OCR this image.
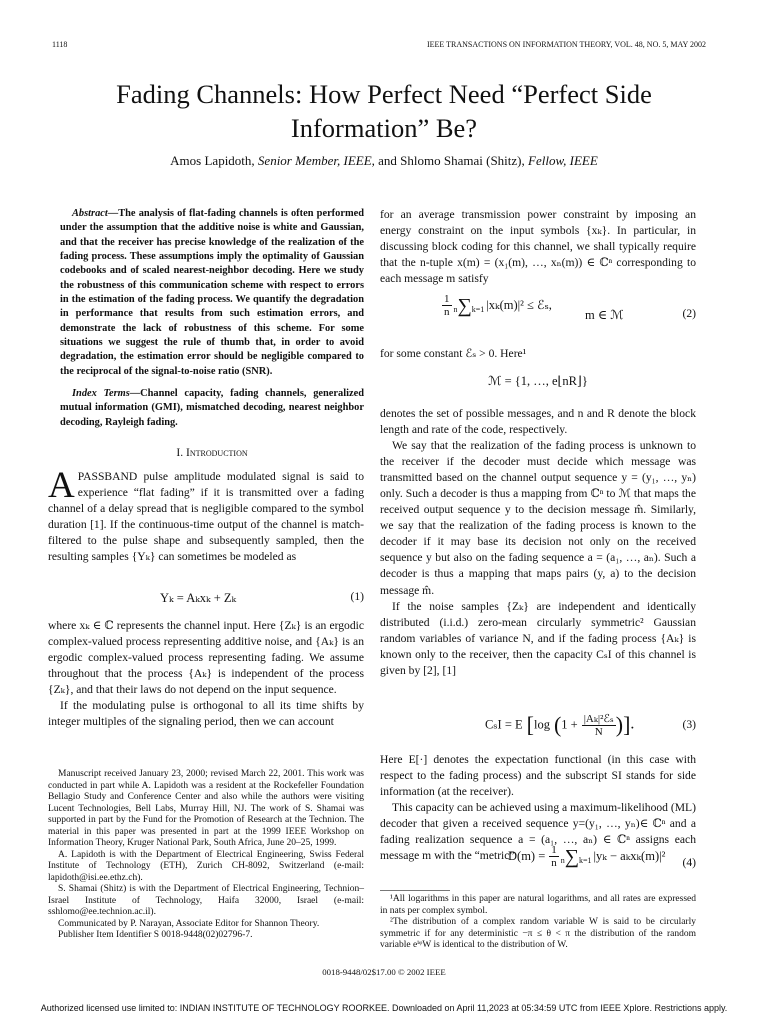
1118	IEEE TRANSACTIONS ON INFORMATION THEORY, VOL. 48, NO. 5, MAY 2002
Fading Channels: How Perfect Need “Perfect Side
Information” Be?
Amos Lapidoth, Senior Member, IEEE, and Shlomo Shamai (Shitz), Fellow, IEEE

Abstract—The analysis of flat-fading channels is often performed under the assumption that the additive noise is white and Gaussian, and that the receiver has precise knowledge of the realization of the fading process. These assumptions imply the optimality of Gaussian codebooks and of scaled nearest-neighbor decoding. Here we study the robustness of this communication scheme with respect to errors in the estimation of the fading process. We quantify the degradation in performance that results from such estimation errors, and demonstrate the lack of robustness of this scheme. For some situations we suggest the rule of thumb that, in order to avoid degradation, the estimation error should be negligible compared to the reciprocal of the signal-to-noise ratio (SNR).

Index Terms—Channel capacity, fading channels, generalized mutual information (GMI), mismatched decoding, nearest neighbor decoding, Rayleigh fading.

I. Introduction

APASSBAND pulse amplitude modulated signal is said to experience “flat fading” if it is transmitted over a fading channel of a delay spread that is negligible compared to the symbol duration [1]. If the continuous-time output of the channel is match-filtered to the pulse shape and subsequently sampled, then the resulting samples {Yₖ} can sometimes be modeled as

Yₖ = Aₖxₖ + Zₖ	(1)

where xₖ ∈ ℂ represents the channel input. Here {Zₖ} is an ergodic complex-valued process representing additive noise, and {Aₖ} is an ergodic complex-valued process representing fading. We assume throughout that the process {Aₖ} is independent of the process {Zₖ}, and that their laws do not depend on the input sequence.

If the modulating pulse is orthogonal to all its time shifts by integer multiples of the signaling period, then we can account

Manuscript received January 23, 2000; revised March 22, 2001. This work was conducted in part while A. Lapidoth was a resident at the Rockefeller Foundation Bellagio Study and Conference Center and also while the authors were visiting Lucent Technologies, Bell Labs, Murray Hill, NJ. The work of S. Shamai was supported in part by the Fund for the Promotion of Research at the Technion. The material in this paper was presented in part at the 1999 IEEE Workshop on Information Theory, Kruger National Park, South Africa, June 20–25, 1999.

A. Lapidoth is with the Department of Electrical Engineering, Swiss Federal Institute of Technology (ETH), Zurich CH-8092, Switzerland (e-mail: lapidoth@isi.ee.ethz.ch).

S. Shamai (Shitz) is with the Department of Electrical Engineering, Technion–Israel Institute of Technology, Haifa 32000, Israel (e-mail: sshlomo@ee.technion.ac.il).

Communicated by P. Narayan, Associate Editor for Shannon Theory.

Publisher Item Identifier S 0018-9448(02)02796-7.

for an average transmission power constraint by imposing an energy constraint on the input symbols {xₖ}. In particular, in discussing block coding for this channel, we shall typically require that the n-tuple x(m) = (x₁(m), …, xₙ(m)) ∈ ℂⁿ corresponding to each message m satisfy

$\frac{1}{n} n\sum k=1$ |xₖ(m)|² ≤ ℰₛ,
m ∈ ℳ	(2)

for some constant ℰₛ > 0. Here¹

ℳ = {1, …, e⌊nR⌋}

denotes the set of possible messages, and n and R denote the block length and rate of the code, respectively.

We say that the realization of the fading process is unknown to the receiver if the decoder must decide which message was transmitted based on the channel output sequence y = (y₁, …, yₙ) only. Such a decoder is thus a mapping from ℂⁿ to ℳ that maps the received output sequence y to the decision message m̂. Similarly, we say that the realization of the fading process is known to the decoder if it may base its decision not only on the received sequence y but also on the fading sequence a = (a₁, …, aₙ). Such a decoder is thus a mapping that maps pairs (y, a) to the decision message m̂.

If the noise samples {Zₖ} are independent and identically distributed (i.i.d.) zero-mean circularly symmetric² Gaussian random variables of variance N, and if the fading process {Aₖ} is known only to the receiver, then the capacity CₛI of this channel is given by [2], [1]

CₛI = E [log ($1 + \frac{\text{|Aₖ|²ℰₛ}}{N}$ )].	(3)

Here E[·] denotes the expectation functional (in this case with respect to the fading process) and the subscript SI stands for side information (at the receiver).

This capacity can be achieved using a maximum-likelihood (ML) decoder that given a received sequence y=(y₁, …, yₙ)∈ ℂⁿ and a fading realization sequence a = (a₁, …, aₙ) ∈ ℂⁿ assigns each message m with the “metric”

$D(m) = \frac{1}{n} n\sum k=1$ |yₖ − aₖxₖ(m)|² (4)

¹All logarithms in this paper are natural logarithms, and all rates are expressed in nats per complex symbol.

²The distribution of a complex random variable W is said to be circularly symmetric if for any deterministic −π ≤ θ < π the distribution of the random variable eⁱᵠW is identical to the distribution of W.

0018-9448/02$17.00 © 2002 IEEE
Authorized licensed use limited to: INDIAN INSTITUTE OF TECHNOLOGY ROORKEE. Downloaded on April 11,2023 at 05:34:59 UTC from IEEE Xplore. Restrictions apply.
